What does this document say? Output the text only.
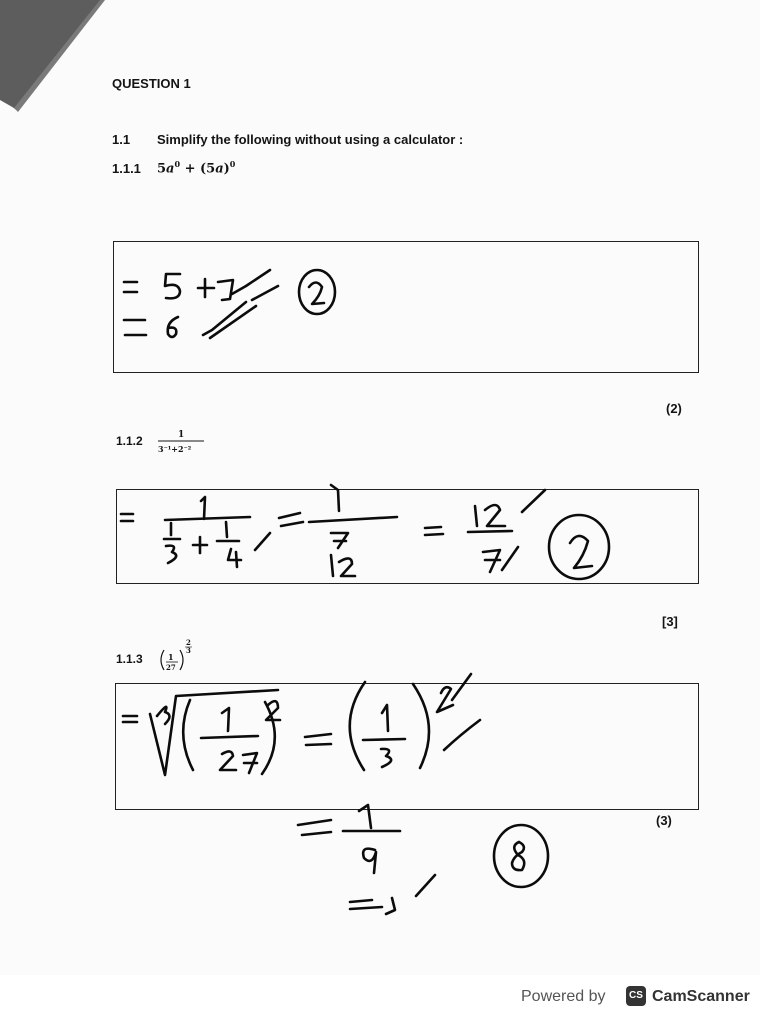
QUESTION 1
1.1 Simplify the following without using a calculator :
1.1.1 $5a^0 + (5a)^0$
1.1.2	1
3⁻¹+2⁻²
1.1.3	1
27
2
3
(2)
[3]
(3)
Powered by	CS CamScanner
